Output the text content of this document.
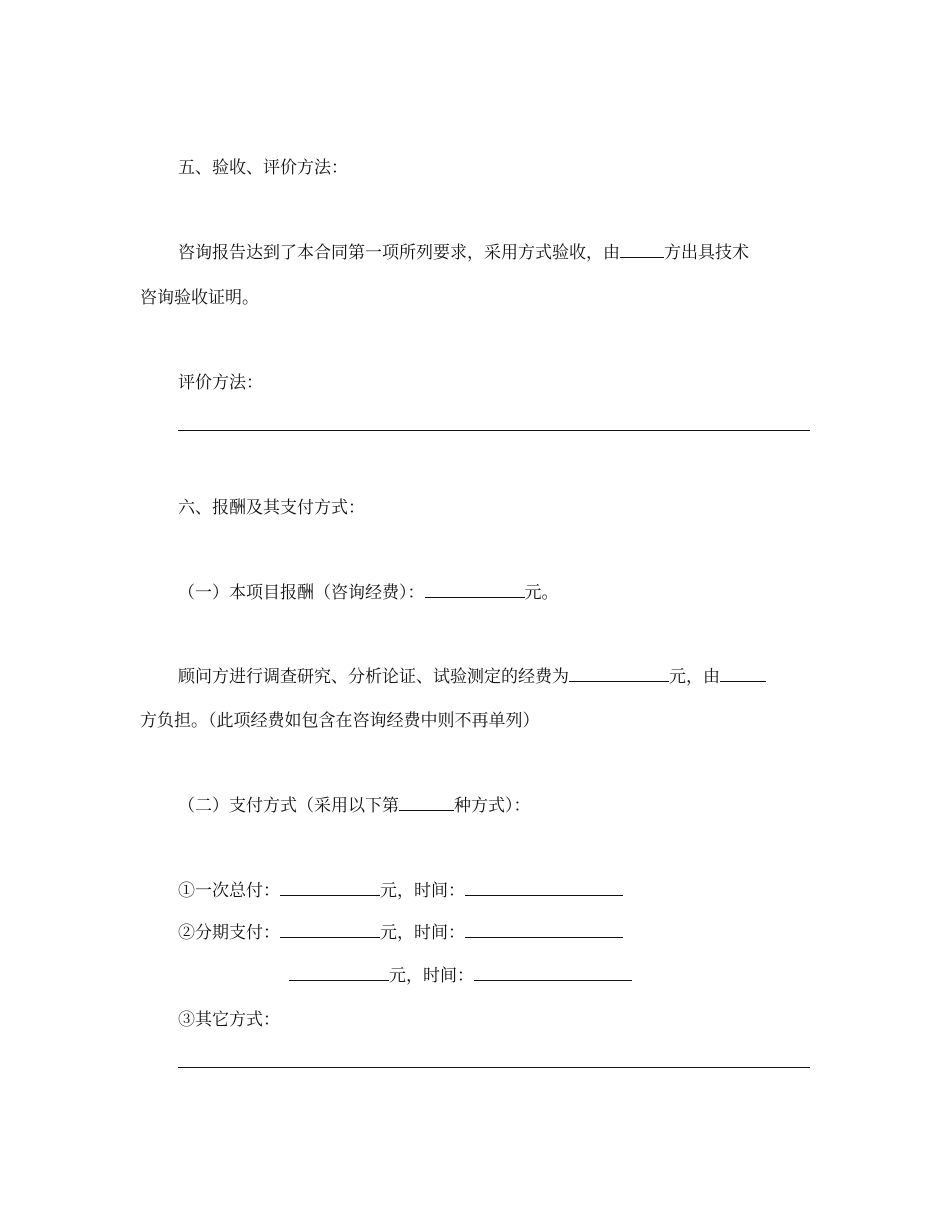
五、验收、评价方法：
咨询报告达到了本合同第一项所列要求，采用方式验收，由	方出具技术
咨询验收证明。
评价方法：
六、报酬及其支付方式：
（一）本项目报酬（咨询经费）：	元。
顾问方进行调查研究、分析论证、试验测定的经费为	元，由
方负担。（此项经费如包含在咨询经费中则不再单列）
（二）支付方式（采用以下第	种方式）：
①一次总付：	元，时间：
②分期支付：	元，时间：
元，时间：
③其它方式：
